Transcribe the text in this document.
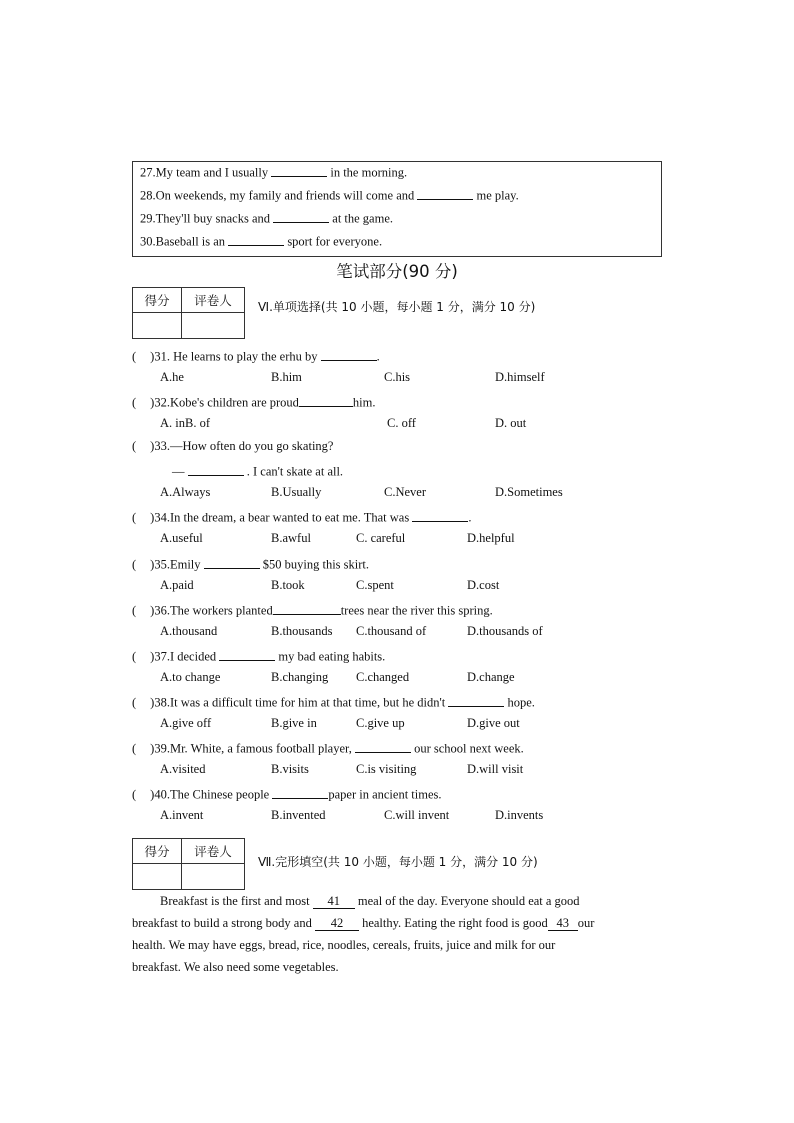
27.My team and I usually	in the morning.
28.On weekends, my family and friends will come and	me play.
29.They'll buy snacks and	at the game.
30.Baseball is an	sport for everyone.
笔试部分(90 分)
得分	评卷人
	Ⅵ.单项选择(共 10 小题，每小题 1 分，满分 10 分)
( )31. He learns to play the erhu by	.
A.he	B.him	C.his	D.himself
( )32.Kobe's children are proud	him.
A. inB. of	C. off	D. out
( )33.—How often do you go skating?
—	. I can't skate at all.
A.Always	B.Usually	C.Never	D.Sometimes
( )34.In the dream, a bear wanted to eat me. That was	.
A.useful	B.awful	C. careful	D.helpful
( )35.Emily	$50 buying this skirt.
A.paid	B.took	C.spent	D.cost
( )36.The workers planted	trees near the river this spring.
A.thousand	B.thousands C.thousand of	D.thousands of
( )37.I decided	my bad eating habits.
A.to change	B.changing C.changed	D.change
( )38.It was a difficult time for him at that time, but he didn't	hope.
A.give off	B.give in	C.give up	D.give out
( )39.Mr. White, a famous football player,	our school next week.
A.visited	B.visits	C.is visiting	D.will visit
( )40.The Chinese people	paper in ancient times.
A.invent	B.invented	C.will invent	D.invents
得分	评卷人

Ⅶ.完形填空(共 10 小题，每小题 1 分，满分 10 分)
Breakfast is the first and most 41 meal of the day. Everyone should eat a good
breakfast to build a strong body and 42 healthy. Eating the right food is good 43 our
health. We may have eggs, bread, rice, noodles, cereals, fruits, juice and milk for our
breakfast. We also need some vegetables.
